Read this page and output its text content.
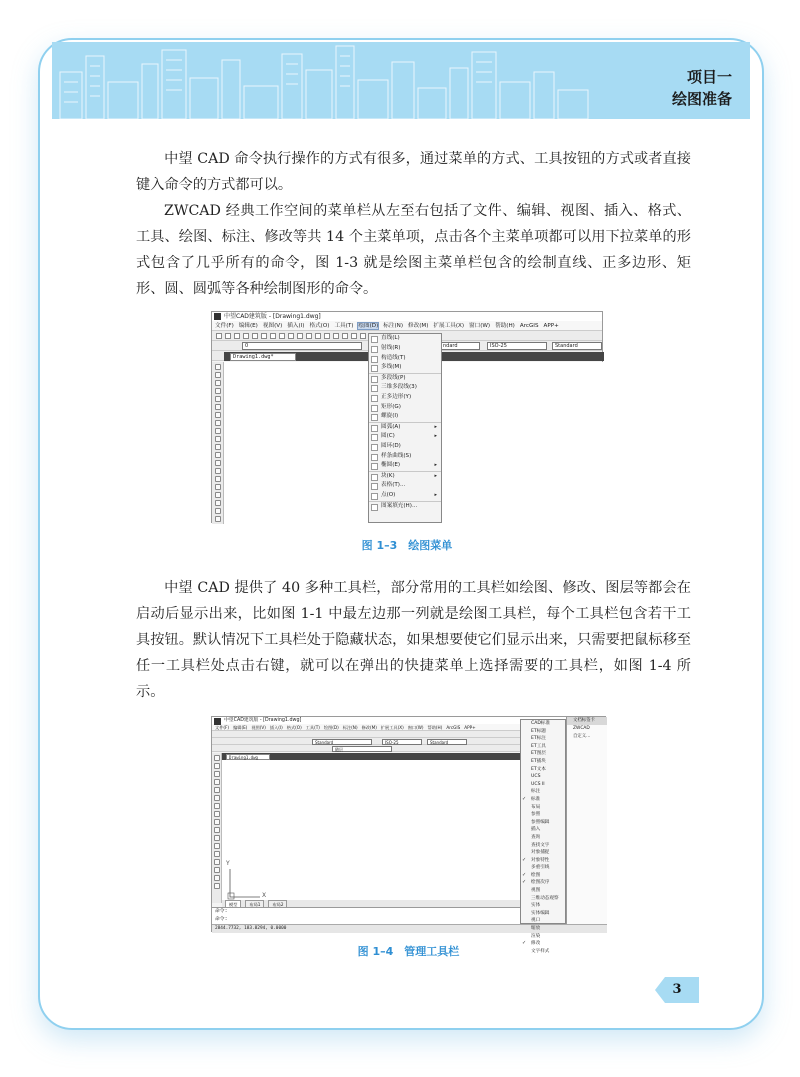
项目一
绘图准备

中望 CAD 命令执行操作的方式有很多，通过菜单的方式、工具按钮的方式或者直接键入命令的方式都可以。

ZWCAD 经典工作空间的菜单栏从左至右包括了文件、编辑、视图、插入、格式、工具、绘图、标注、修改等共 14 个主菜单项，点击各个主菜单项都可以用下拉菜单的形式包含了几乎所有的命令，图 1-3 就是绘图主菜单栏包含的绘制直线、正多边形、矩形、圆、圆弧等各种绘制图形的命令。

中望CAD建筑版 - [Drawing1.dwg]
文件(F) 编辑(E) 视图(V) 插入(I) 格式(O) 工具(T) 绘图(D) 标注(N) 修改(M) 扩展工具(X) 窗口(W) 帮助(H) ArcGIS APP+
0	ndard	ISO-25	Standard
Drawing1.dwg*
直线(L)
射线(R)
构造线(T)
多线(M)
多段线(P)
三维多段线(3)
正多边形(Y)
矩形(G)
螺旋(I)
圆弧(A)	▸
圆(C)	▸
圆环(D)
样条曲线(S)
椭圆(E)	▸
块(K)	▸
表格(T)...
点(O)	▸
图案填充(H)...
图 1–3　绘图菜单

中望 CAD 提供了 40 多种工具栏，部分常用的工具栏如绘图、修改、图层等都会在启动后显示出来，比如图 1-1 中最左边那一列就是绘图工具栏，每个工具栏包含若干工具按钮。默认情况下工具栏处于隐藏状态，如果想要使它们显示出来，只需要把鼠标移至任一工具栏处点击右键，就可以在弹出的快捷菜单上选择需要的工具栏，如图 1-4 所示。

中望CAD建筑版 - [Drawing1.dwg]
文件(F) 编辑(E) 视图(V) 插入(I) 格式(O) 工具(T) 绘图(D) 标注(N) 修改(M) 扩展工具(X) 窗口(W) 帮助(H) ArcGIS APP+
Standard	ISO-25	Standard
随层
Drawing1.dwg
Y
X
模型	布局1	布局2
命令:
命令:
2844.7732, 183.8294, 0.0000
CAD标准
ET标题
ET标注
ET工具
ET图层
ET插块
ET文本
UCS
UCS II
标注
✓ 标准
布局
参照
参照编辑
插入
查询
查找文字
对象捕捉
✓ 对象特性
多重引线
✓ 绘图
✓ 绘图次序
视图
三维动态观察
实体
实体编辑
视口
缩放
渲染
✓ 修改
文字样式
文档标签卡
ZWCAD
自定义...
图 1–4　管理工具栏
3
